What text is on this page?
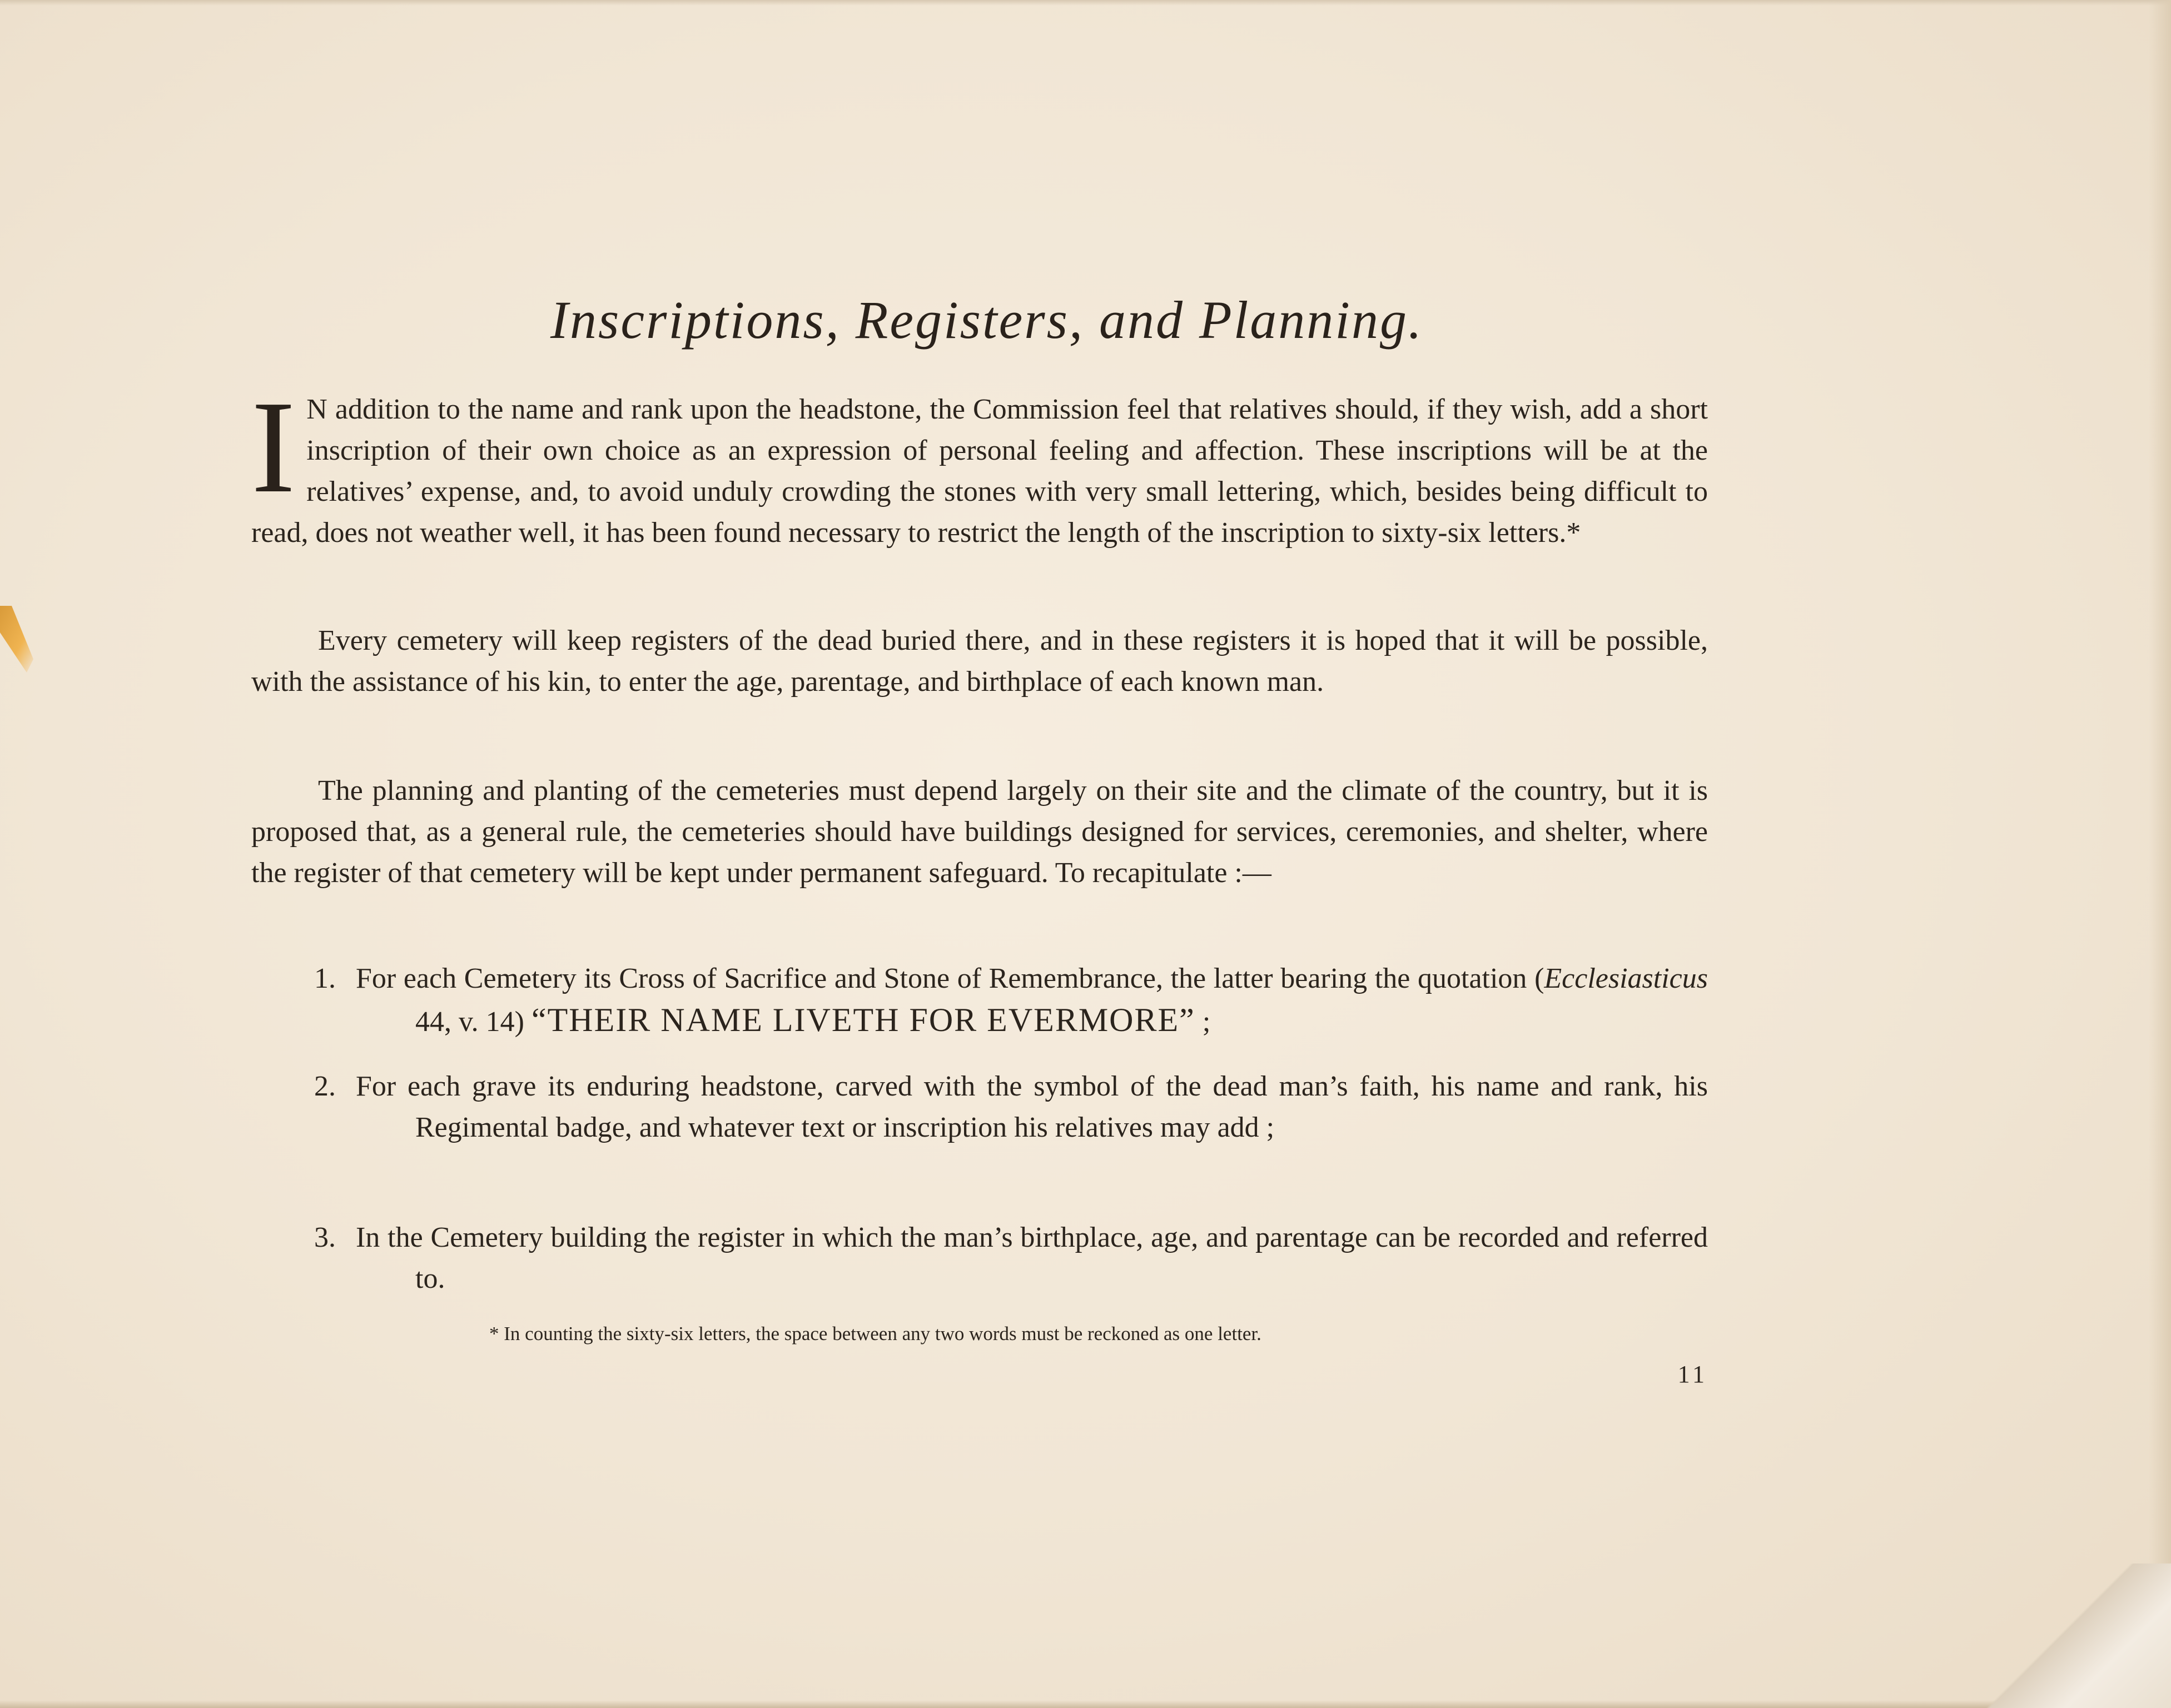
Inscriptions, Registers, and Planning.
I N addition to the name and rank upon the headstone, the Commission feel that relatives should, if they wish, add a short inscription of their own choice as an expression of personal feeling and affection. These inscriptions will be at the relatives’ expense, and, to avoid unduly crowding the stones with very small lettering, which, besides being difficult to read, does not weather well, it has been found necessary to restrict the length of the inscription to sixty-six letters.*
Every cemetery will keep registers of the dead buried there, and in these registers it is hoped that it will be possible, with the assistance of his kin, to enter the age, parentage, and birthplace of each known man.
The planning and planting of the cemeteries must depend largely on their site and the climate of the country, but it is proposed that, as a general rule, the cemeteries should have buildings designed for services, ceremonies, and shelter, where the register of that cemetery will be kept under permanent safeguard. To recapitulate :—
1. For each Cemetery its Cross of Sacrifice and Stone of Remembrance, the latter bearing the quotation (Ecclesiasticus 44, v. 14) “THEIR NAME LIVETH FOR EVERMORE” ;
2. For each grave its enduring headstone, carved with the symbol of the dead man’s faith, his name and rank, his Regimental badge, and whatever text or inscription his relatives may add ;
3. In the Cemetery building the register in which the man’s birthplace, age, and parentage can be recorded and referred to.
* In counting the sixty-six letters, the space between any two words must be reckoned as one letter.
11
